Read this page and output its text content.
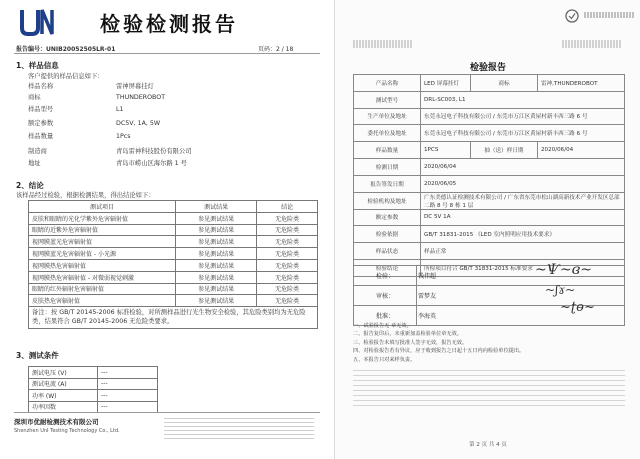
检验检测报告
报告编号：UNIB20052505LR-01	页码：2 / 18
1、样品信息
客户提供的样品信息如下：
样品名称	雷神屏幕挂灯
商标	THUNDEROBOT
样品型号	L1
额定参数	DC5V, 1A, 5W
样品数量	1Pcs
制造商	青岛雷神科技股份有限公司
地址	青岛市崂山区海尔路 1 号
2、结论
该样品经过检验，根据检测结果，得出结论如下：
测试项目	测试结果	结论
皮肤和眼睛的光化学紫外危害辐射值	参见测试结果	无危险类
眼睛的近紫外危害辐射值	参见测试结果	无危险类
视网膜蓝光危害辐射值	参见测试结果	无危险类
视网膜蓝光危害辐射值 - 小光源	参见测试结果	无危险类
视网膜热危害辐射值	参见测试结果	无危险类
视网膜热危害辐射值 - 对微弱视觉刺激	参见测试结果	无危险类
眼睛的红外辐射危害辐射值	参见测试结果	无危险类
皮肤热危害辐射值	参见测试结果	无危险类
备注：按 GB/T 20145-2006 标准检验，对所测样品进行光生物安全检验，其危险类别均为无危险类，结果符合 GB/T 20145-2006 无危险类要求。		
3、测试条件
测试电压 (V)	---
测试电流 (A)	---
功率 (W)	---
功率因数	---
深圳市优耐检测技术有限公司
Shenzhen UnI Testing Technology Co., Ltd.
检验报告
产品名称	LED 屏幕挂灯	商标	雷神,THUNDEROBOT
测试型号	DRL-SC003, L1		
生产单位及地址	东莞永冠电子科技有限公司 / 东莞市万江区黄屋村新丰西三路 6 号		
委托单位及地址	东莞永冠电子科技有限公司 / 东莞市万江区黄屋村新丰西三路 6 号		
样品数量	1PCS	抽（送）样日期	2020/06/04
检测日期	2020/06/04		
报告签发日期	2020/06/05		
检验机构及地址	广东美德认证检测技术有限公司 / 广东省东莞市松山湖高新技术产业开发区总部二路 8 号 8 栋 1 层		
额定参数	DC 5V 1A		
检验依据	GB/T 31831-2015 《LED 室内照明应用技术要求》		
样品状态	样品正常		
检验结论	所检项目符合 GB/T 31831-2015 标准要求		
检验：	钱伟超
审核：	雷梦友
批准：	李海英
~Ѱ~ɞ~
~ʃɤ~
~ʈɵ~
一、试验报告无 章无效。
二、报告复印后，未重新加盖检验单位章无效。
三、检验报告未填写批准人签字无效，报告无效。
四、对检验报告若有异议，应于收到报告之日起十五日内向检验单位提出。
五、本报告只对来样负责。
第 2 页 共 4 页
